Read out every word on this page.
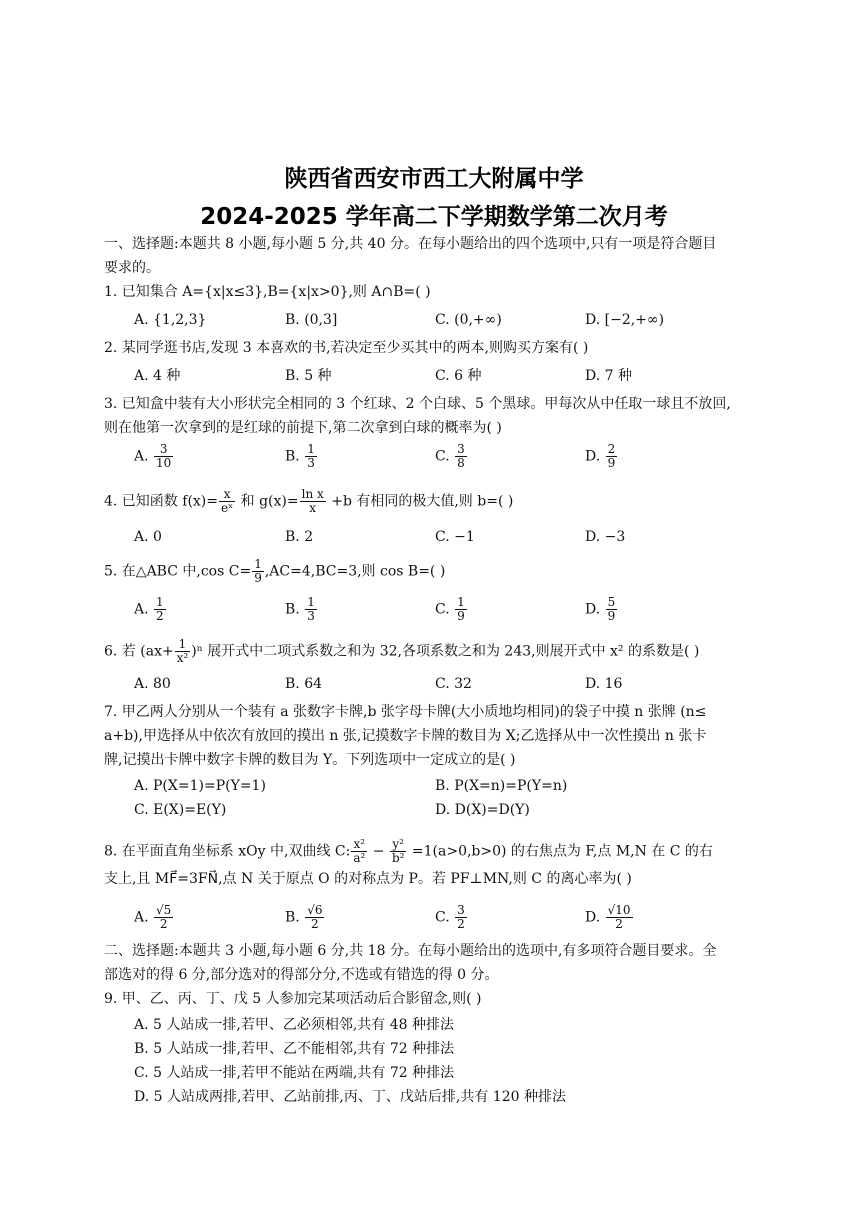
陕西省西安市西工大附属中学
2024-2025 学年高二下学期数学第二次月考
一、选择题:本题共 8 小题,每小题 5 分,共 40 分。在每小题给出的四个选项中,只有一项是符合题目
要求的。
1. 已知集合 A={x|x≤3},B={x|x>0},则 A∩B=( )
A. {1,2,3}	B. (0,3]	C. (0,+∞)	D. [−2,+∞)
2. 某同学逛书店,发现 3 本喜欢的书,若决定至少买其中的两本,则购买方案有( )
A. 4 种	B. 5 种	C. 6 种	D. 7 种
3. 已知盒中装有大小形状完全相同的 3 个红球、2 个白球、5 个黑球。甲每次从中任取一球且不放回,
则在他第一次拿到的是红球的前提下,第二次拿到白球的概率为( )
A. $\frac{3}{10}$	B. $\frac{1}{3}$	C. $\frac{3}{8}$	D. $\frac{2}{9}$
4. 已知函数 $f(x)= \frac{x}{\text{eˣ}}$ 和 $g(x)= \frac{\text{ln x}}{x} +b$ 有相同的极大值,则 b=( )
A. 0	B. 2	C. −1	D. −3
5. 在△ABC 中,cos $C= \frac{1}{9} ,AC=4,BC=3$,则 cos B=( )
A. $\frac{1}{2}$	B. $\frac{1}{3}$	C. $\frac{1}{9}$	D. $\frac{5}{9}$
6. 若 $(ax+ \frac{1}{\text{x²}} )^n$ 展开式中二项式系数之和为 32,各项系数之和为 243,则展开式中 x² 的系数是( )
A. 80	B. 64	C. 32	D. 16
7. 甲乙两人分别从一个装有 a 张数字卡牌,b 张字母卡牌(大小质地均相同)的袋子中摸 n 张牌 (n≤
a+b),甲选择从中依次有放回的摸出 n 张,记摸数字卡牌的数目为 X;乙选择从中一次性摸出 n 张卡
牌,记摸出卡牌中数字卡牌的数目为 Y。下列选项中一定成立的是( )
A. P(X=1)=P(Y=1)	B. P(X=n)=P(Y=n)
C. E(X)=E(Y)	D. D(X)=D(Y)
8. 在平面直角坐标系 xOy 中,双曲线 C: $\frac{\text{x²}}{\text{a²}} - \frac{\text{y²}}{\text{b²}} =1(a>0,b>0)$ 的右焦点为 F,点 M,N 在 C 的右
支上,且 MF⃗=3FN⃗,点 N 关于原点 O 的对称点为 P。若 PF⊥MN,则 C 的离心率为( )
A. $\frac{√5}{2}$	B. $\frac{√6}{2}$	C. $\frac{3}{2}$	D. $\frac{√10}{2}$
二、选择题:本题共 3 小题,每小题 6 分,共 18 分。在每小题给出的选项中,有多项符合题目要求。全
部选对的得 6 分,部分选对的得部分分,不选或有错选的得 0 分。
9. 甲、乙、丙、丁、戊 5 人参加完某项活动后合影留念,则( )
A. 5 人站成一排,若甲、乙必须相邻,共有 48 种排法
B. 5 人站成一排,若甲、乙不能相邻,共有 72 种排法
C. 5 人站成一排,若甲不能站在两端,共有 72 种排法
D. 5 人站成两排,若甲、乙站前排,丙、丁、戊站后排,共有 120 种排法
